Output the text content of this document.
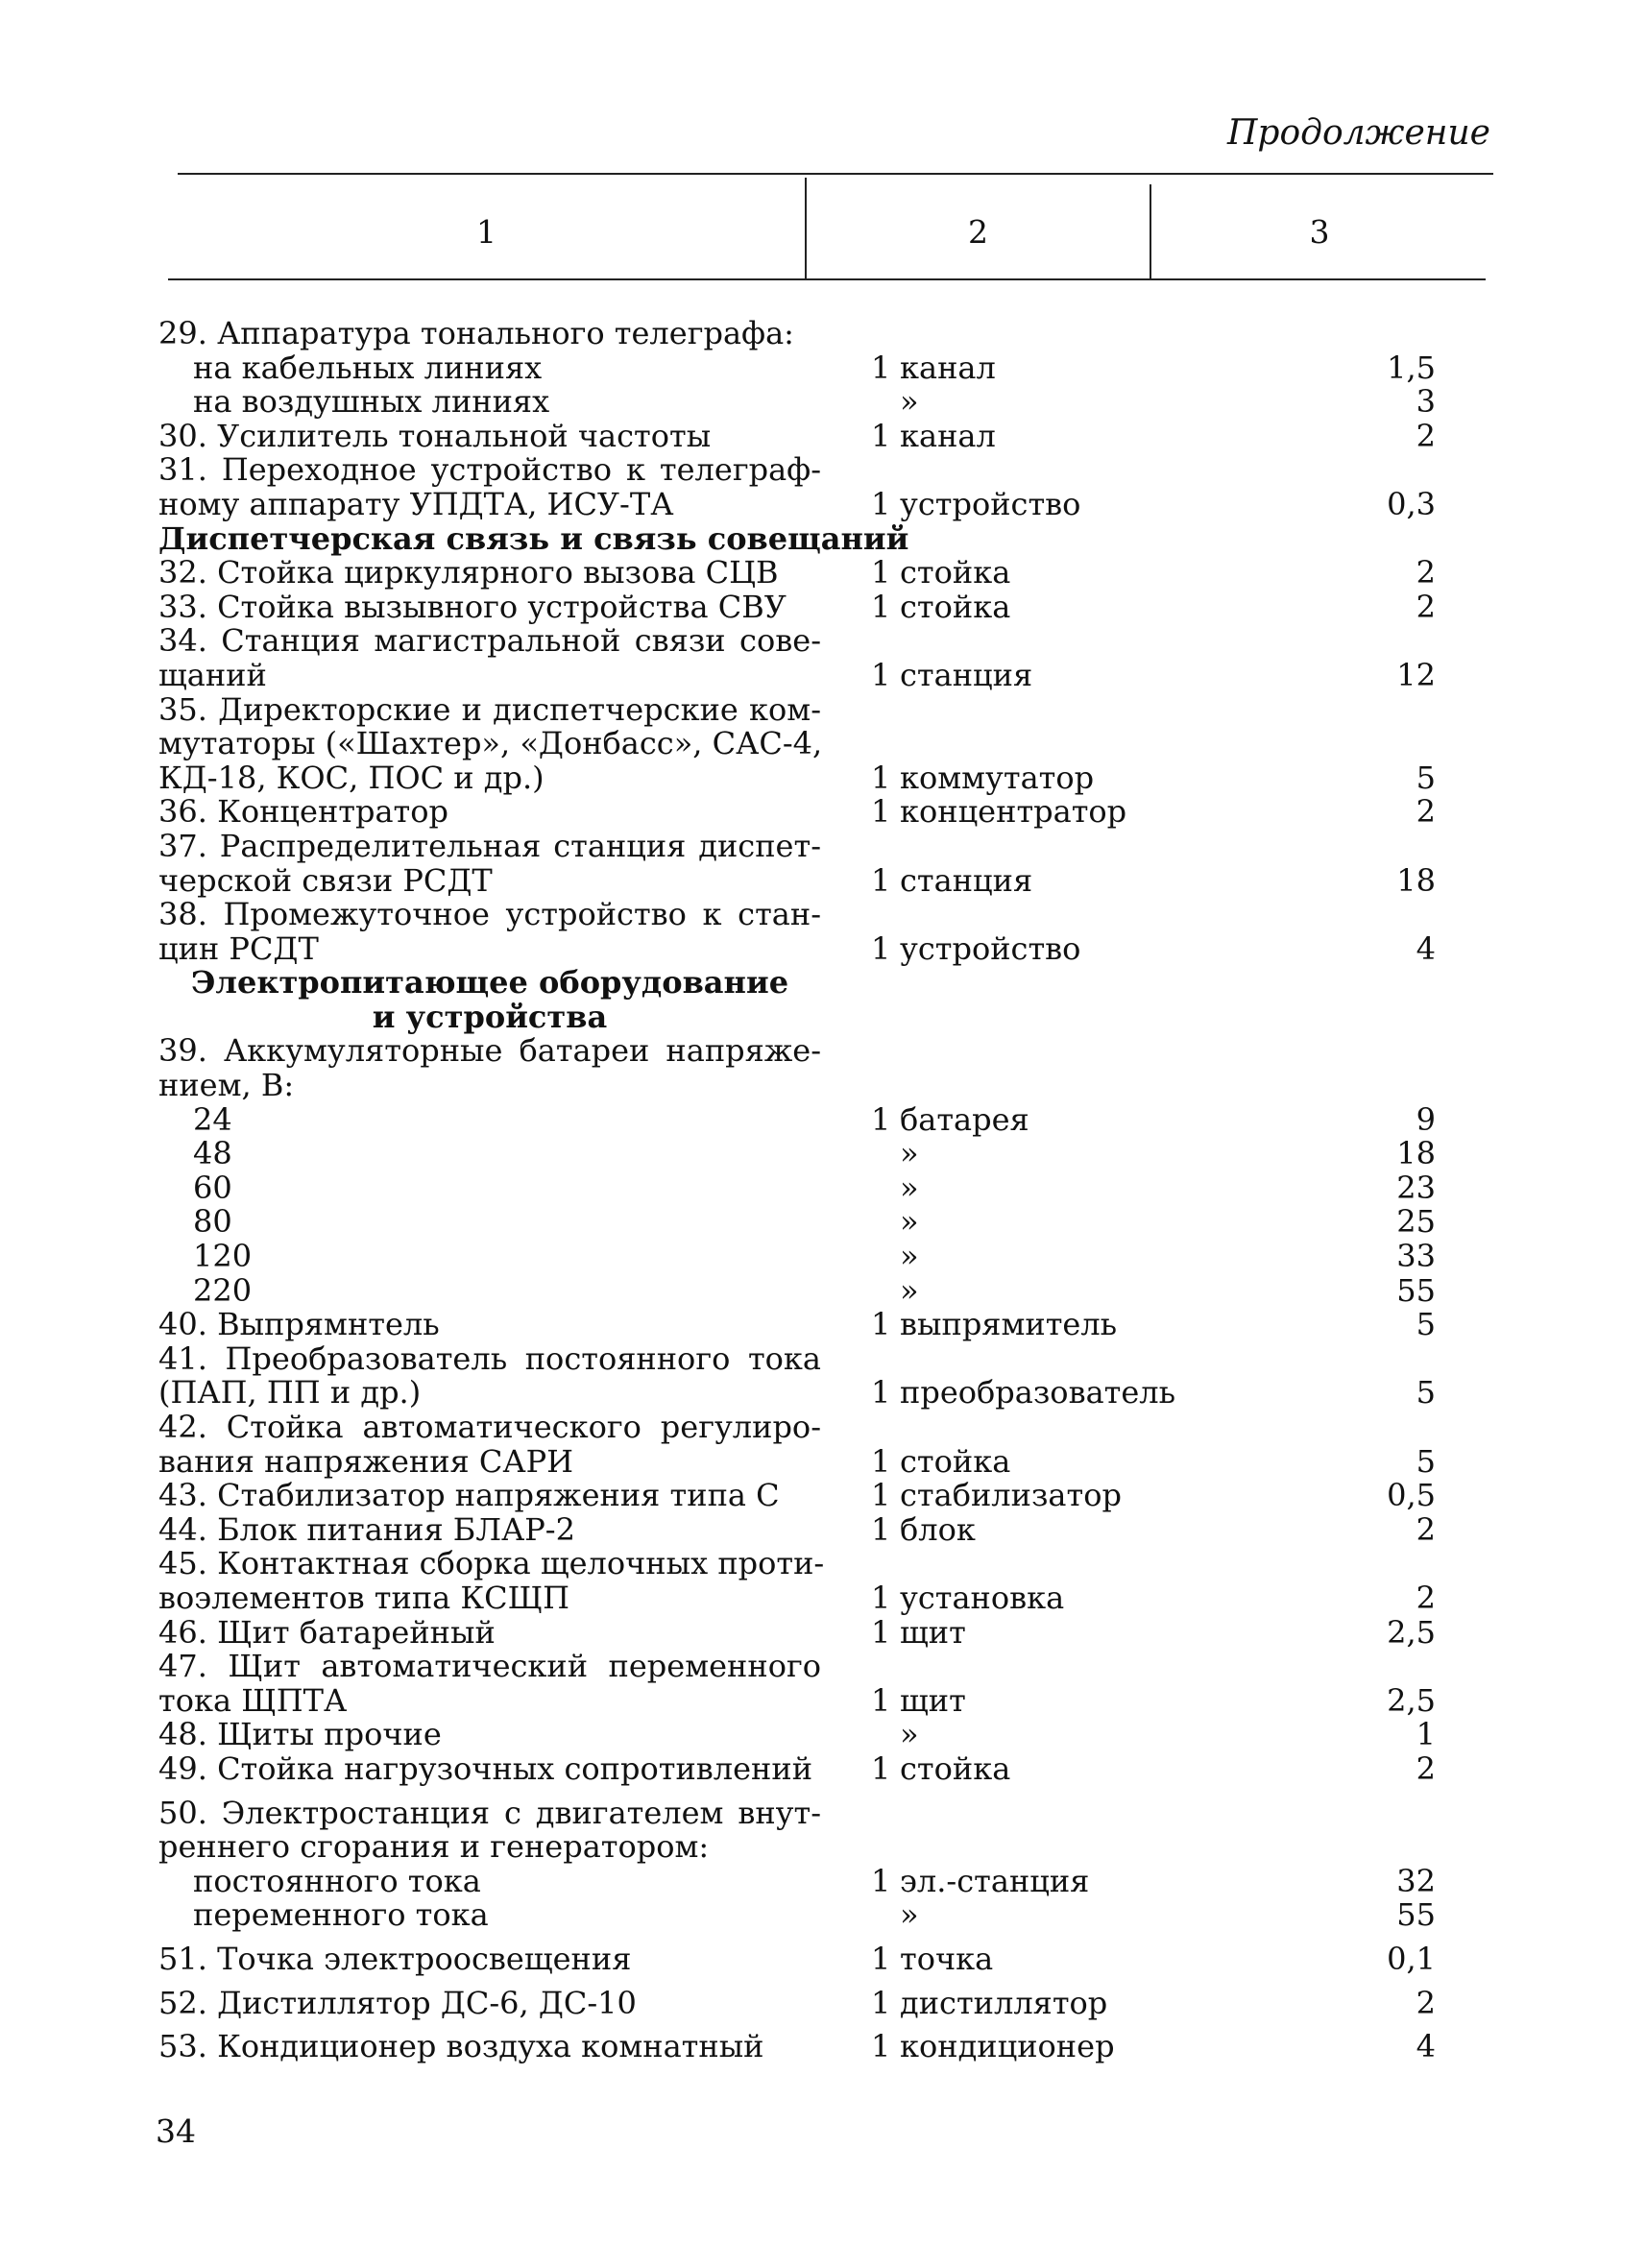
Продолжение
1	2	3
29. Аппаратура тонального телеграфа:
на кабельных линиях	1 канал	1,5
на воздушных линиях	»	3
30. Усилитель тональной частоты	1 канал	2
31. Переходное устройство к телеграф-
ному аппарату УПДТА, ИСУ-ТА	1 устройство	0,3
Диспетчерская связь и связь совещаний
32. Стойка циркулярного вызова СЦВ	1 стойка	2
33. Стойка вызывного устройства СВУ	1 стойка	2
34. Станция магистральной связи сове-
щаний	1 станция	12
35. Директорские и диспетчерские ком-
мутаторы («Шахтер», «Донбасс», САС-4,
КД-18, КОС, ПОС и др.)	1 коммутатор	5
36. Концентратор	1 концентратор	2
37. Распределительная станция диспет-
черской связи РСДТ	1 станция	18
38. Промежуточное устройство к стан-
цин РСДТ	1 устройство	4
Электропитающее оборудование
и устройства
39. Аккумуляторные батареи напряже-
нием, В:
24	1 батарея	9
48	»	18
60	»	23
80	»	25
120	»	33
220	»	55
40. Выпрямнтель	1 выпрямитель	5
41. Преобразователь постоянного тока
(ПАП, ПП и др.)	1 преобразователь	5
42. Стойка автоматического регулиро-
вания напряжения САРИ	1 стойка	5
43. Стабилизатор напряжения типа С	1 стабилизатор	0,5
44. Блок питания БЛАР-2	1 блок	2
45. Контактная сборка щелочных проти-
воэлементов типа КСЩП	1 установка	2
46. Щит батарейный	1 щит	2,5
47. Щит автоматический переменного
тока ЩПТА	1 щит	2,5
48. Щиты прочие	»	1
49. Стойка нагрузочных сопротивлений	1 стойка	2
50. Электростанция с двигателем внут-
реннего сгорания и генератором:
постоянного тока	1 эл.-станция	32
переменного тока	»	55
51. Точка электроосвещения	1 точка	0,1
52. Дистиллятор ДС-6, ДС-10	1 дистиллятор	2
53. Кондиционер воздуха комнатный	1 кондиционер	4
34
